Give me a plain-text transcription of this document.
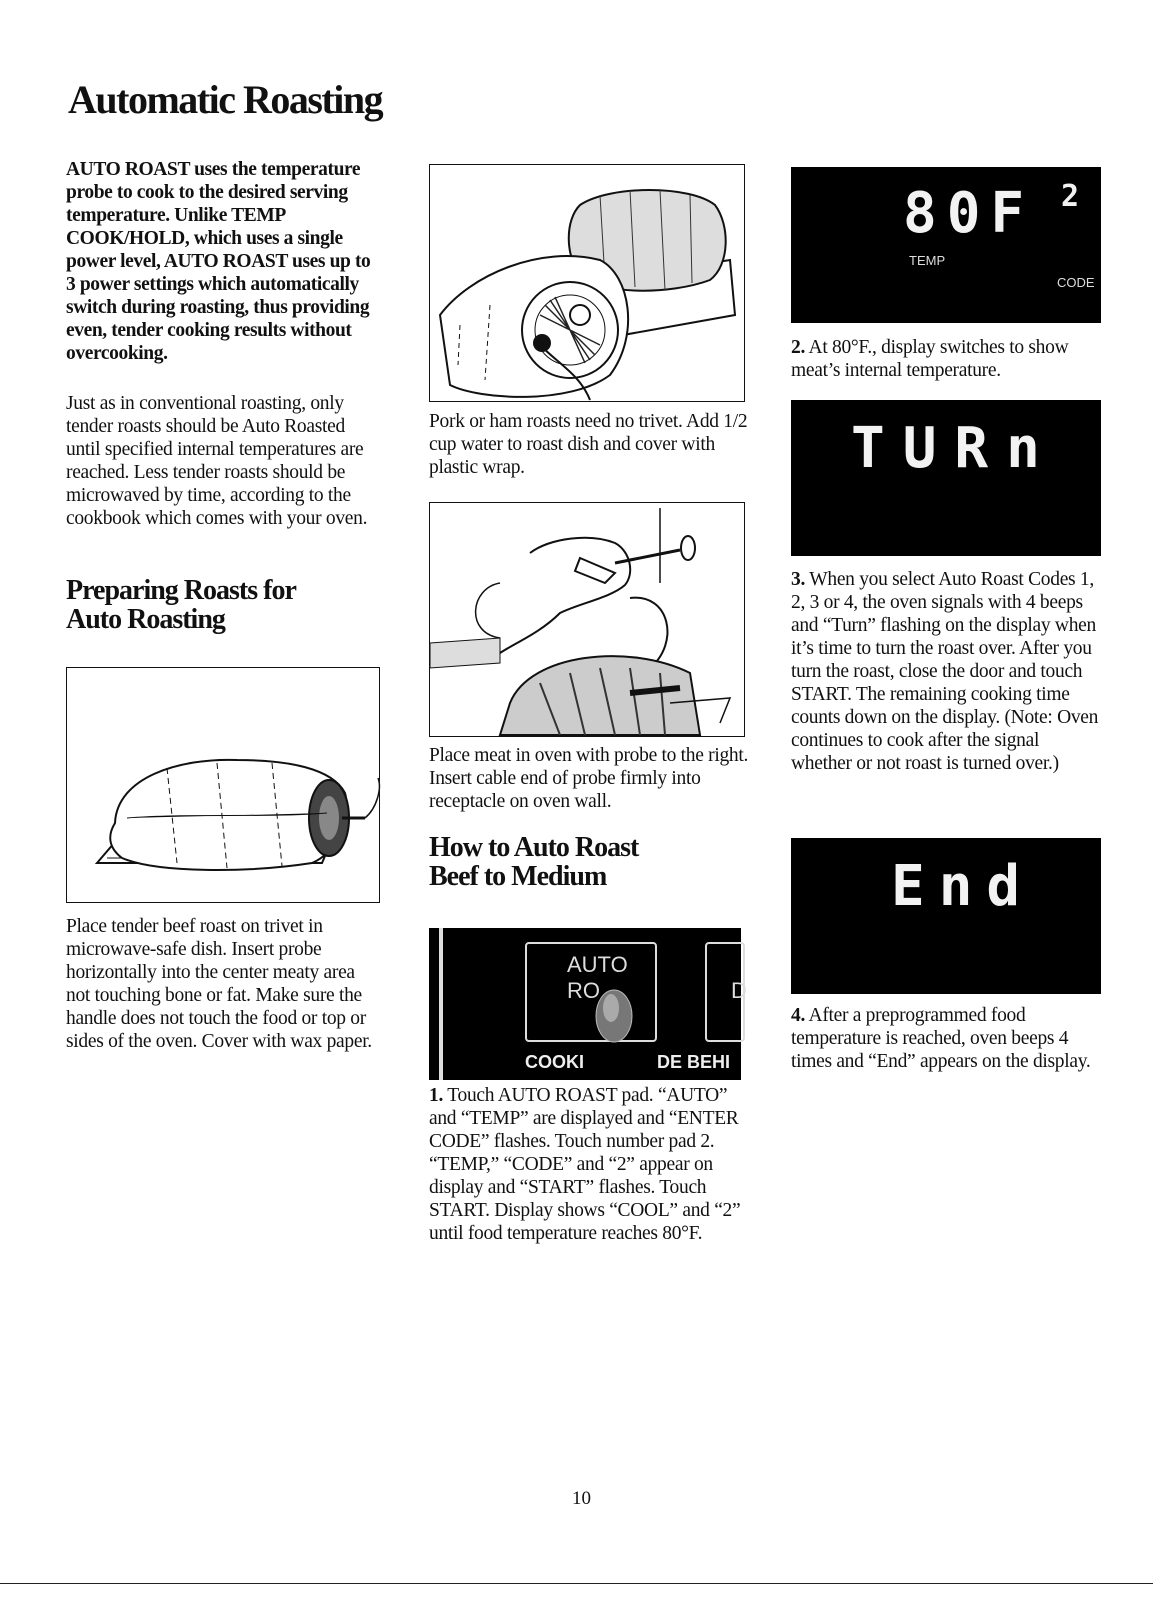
Automatic Roasting

AUTO ROAST uses the temperature probe to cook to the desired serving temperature. Unlike TEMP COOK/HOLD, which uses a single power level, AUTO ROAST uses up to 3 power settings which automatically switch during roasting, thus providing even, tender cooking results without overcooking.

Just as in conventional roasting, only tender roasts should be Auto Roasted until specified internal temperatures are reached. Less tender roasts should be microwaved by time, according to the cookbook which comes with your oven.

Preparing Roasts for

Auto Roasting

Place tender beef roast on trivet in microwave-safe dish. Insert probe horizontally into the center meaty area not touching bone or fat. Make sure the handle does not touch the food or top or sides of the oven. Cover with wax paper.

Pork or ham roasts need no trivet. Add 1/2 cup water to roast dish and cover with plastic wrap.

Place meat in oven with probe to the right. Insert cable end of probe firmly into receptacle on oven wall.

How to Auto Roast

Beef to Medium

AUTO
RO	D
COOKI	DE BEHI

1. Touch AUTO ROAST pad. “AUTO” and “TEMP” are displayed and “ENTER CODE” flashes. Touch number pad 2. “TEMP,” “CODE” and “2” appear on display and “START” flashes. Touch START. Display shows “COOL” and “2” until food temperature reaches 80°F.

80F 2
TEMP
CODE

2. At 80°F., display switches to show meat’s internal temperature.

TURn

3. When you select Auto Roast Codes 1, 2, 3 or 4, the oven signals with 4 beeps and “Turn” flashing on the display when it’s time to turn the roast over. After you turn the roast, close the door and touch START. The remaining cooking time counts down on the display. (Note: Oven continues to cook after the signal whether or not roast is turned over.)

End

4. After a preprogrammed food temperature is reached, oven beeps 4 times and “End” appears on the display.

10
